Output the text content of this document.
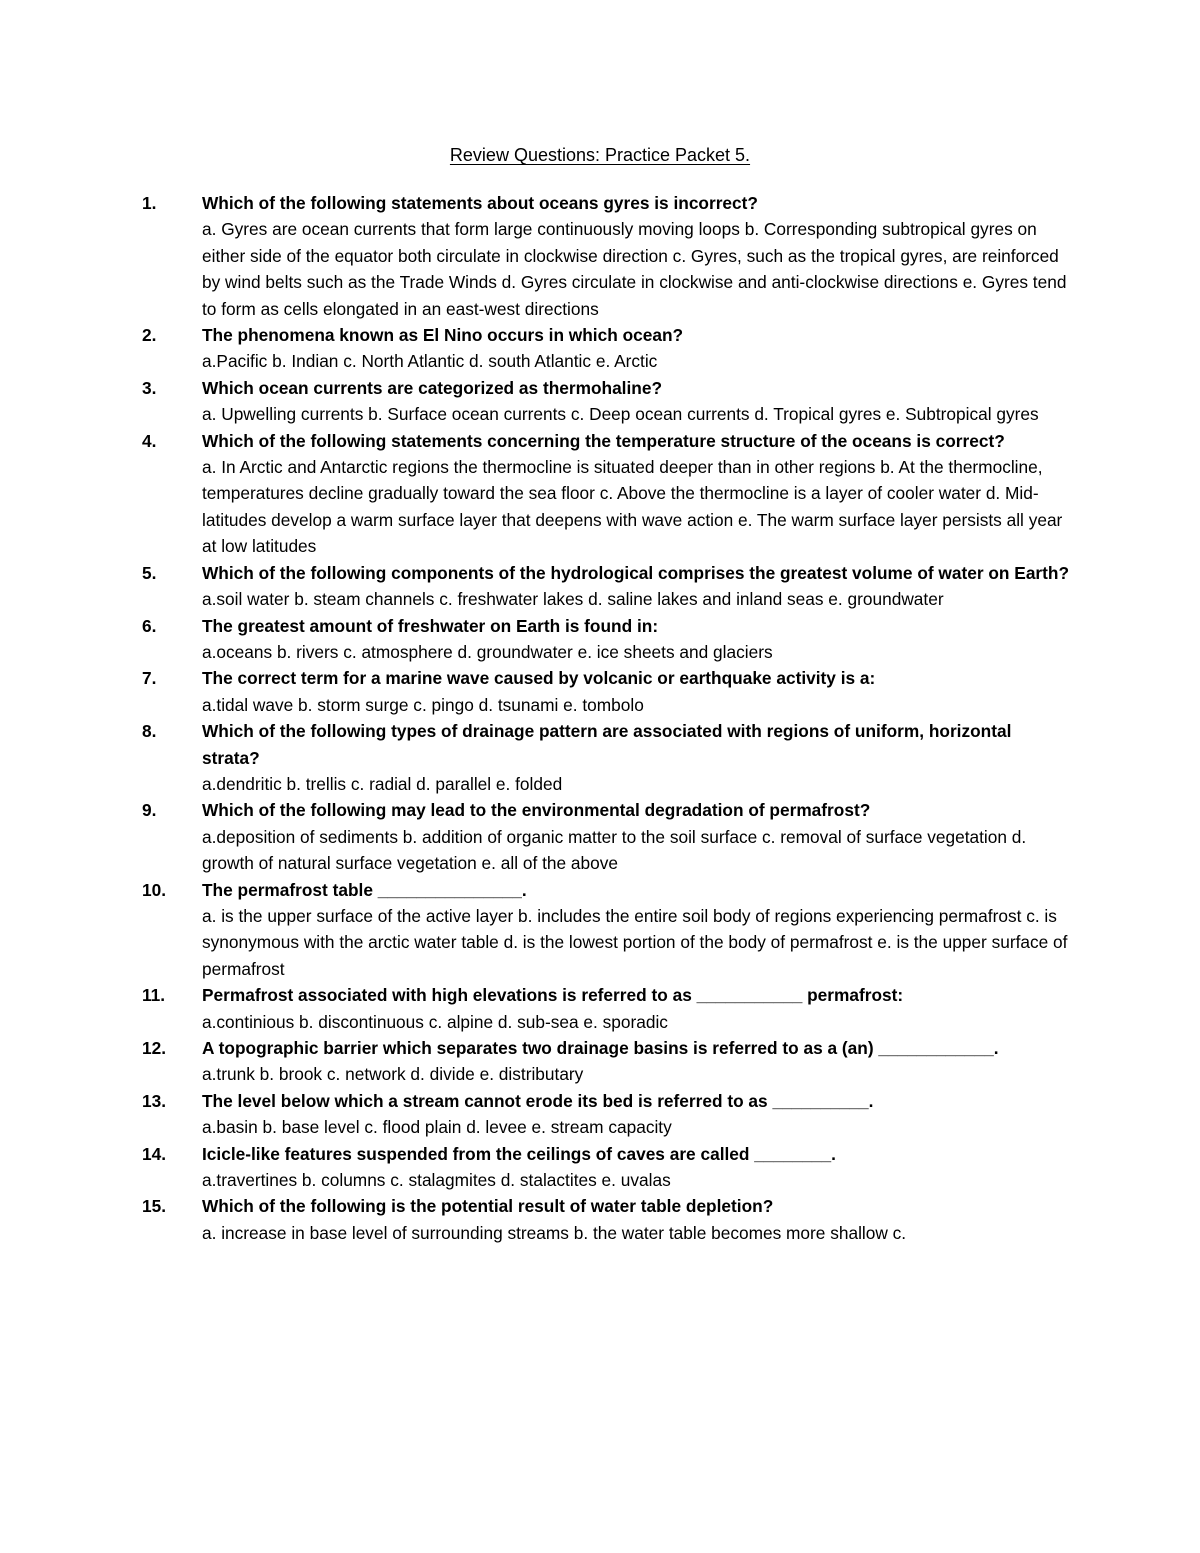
Review Questions: Practice Packet 5.
1.	Which of the following statements about oceans gyres is incorrect?
a. Gyres are ocean currents that form large continuously moving loops b. Corresponding subtropical gyres on either side of the equator both circulate in clockwise direction c. Gyres, such as the tropical gyres, are reinforced by wind belts such as the Trade Winds d. Gyres circulate in clockwise and anti-clockwise directions e. Gyres tend to form as cells elongated in an east-west directions
2.	The phenomena known as El Nino occurs in which ocean?
a.Pacific b. Indian c. North Atlantic d. south Atlantic e. Arctic
3.	Which ocean currents are categorized as thermohaline?
a. Upwelling currents b. Surface ocean currents c. Deep ocean currents d. Tropical gyres e. Subtropical gyres
4.	Which of the following statements concerning the temperature structure of the oceans is correct?
a. In Arctic and Antarctic regions the thermocline is situated deeper than in other regions b. At the thermocline, temperatures decline gradually toward the sea floor c. Above the thermocline is a layer of cooler water d. Mid-latitudes develop a warm surface layer that deepens with wave action e. The warm surface layer persists all year at low latitudes
5.	Which of the following components of the hydrological comprises the greatest volume of water on Earth?
a.soil water b. steam channels c. freshwater lakes d. saline lakes and inland seas e. groundwater
6.	The greatest amount of freshwater on Earth is found in:
a.oceans b. rivers c. atmosphere d. groundwater e. ice sheets and glaciers
7.	The correct term for a marine wave caused by volcanic or earthquake activity is a:
a.tidal wave b. storm surge c. pingo d. tsunami e. tombolo
8.	Which of the following types of drainage pattern are associated with regions of uniform, horizontal strata?
a.dendritic b. trellis c. radial d. parallel e. folded
9.	Which of the following may lead to the environmental degradation of permafrost?
a.deposition of sediments b. addition of organic matter to the soil surface c. removal of surface vegetation d. growth of natural surface vegetation e. all of the above
10. The permafrost table _______________.
a. is the upper surface of the active layer b. includes the entire soil body of regions experiencing permafrost c. is synonymous with the arctic water table d. is the lowest portion of the body of permafrost e. is the upper surface of permafrost
11. Permafrost associated with high elevations is referred to as ___________ permafrost:
a.continious b. discontinuous c. alpine d. sub-sea e. sporadic
12. A topographic barrier which separates two drainage basins is referred to as a (an) ____________.
a.trunk b. brook c. network d. divide e. distributary
13. The level below which a stream cannot erode its bed is referred to as __________.
a.basin b. base level c. flood plain d. levee e. stream capacity
14. Icicle-like features suspended from the ceilings of caves are called ________.
a.travertines b. columns c. stalagmites d. stalactites e. uvalas
15. Which of the following is the potential result of water table depletion?
a. increase in base level of surrounding streams b. the water table becomes more shallow c.
